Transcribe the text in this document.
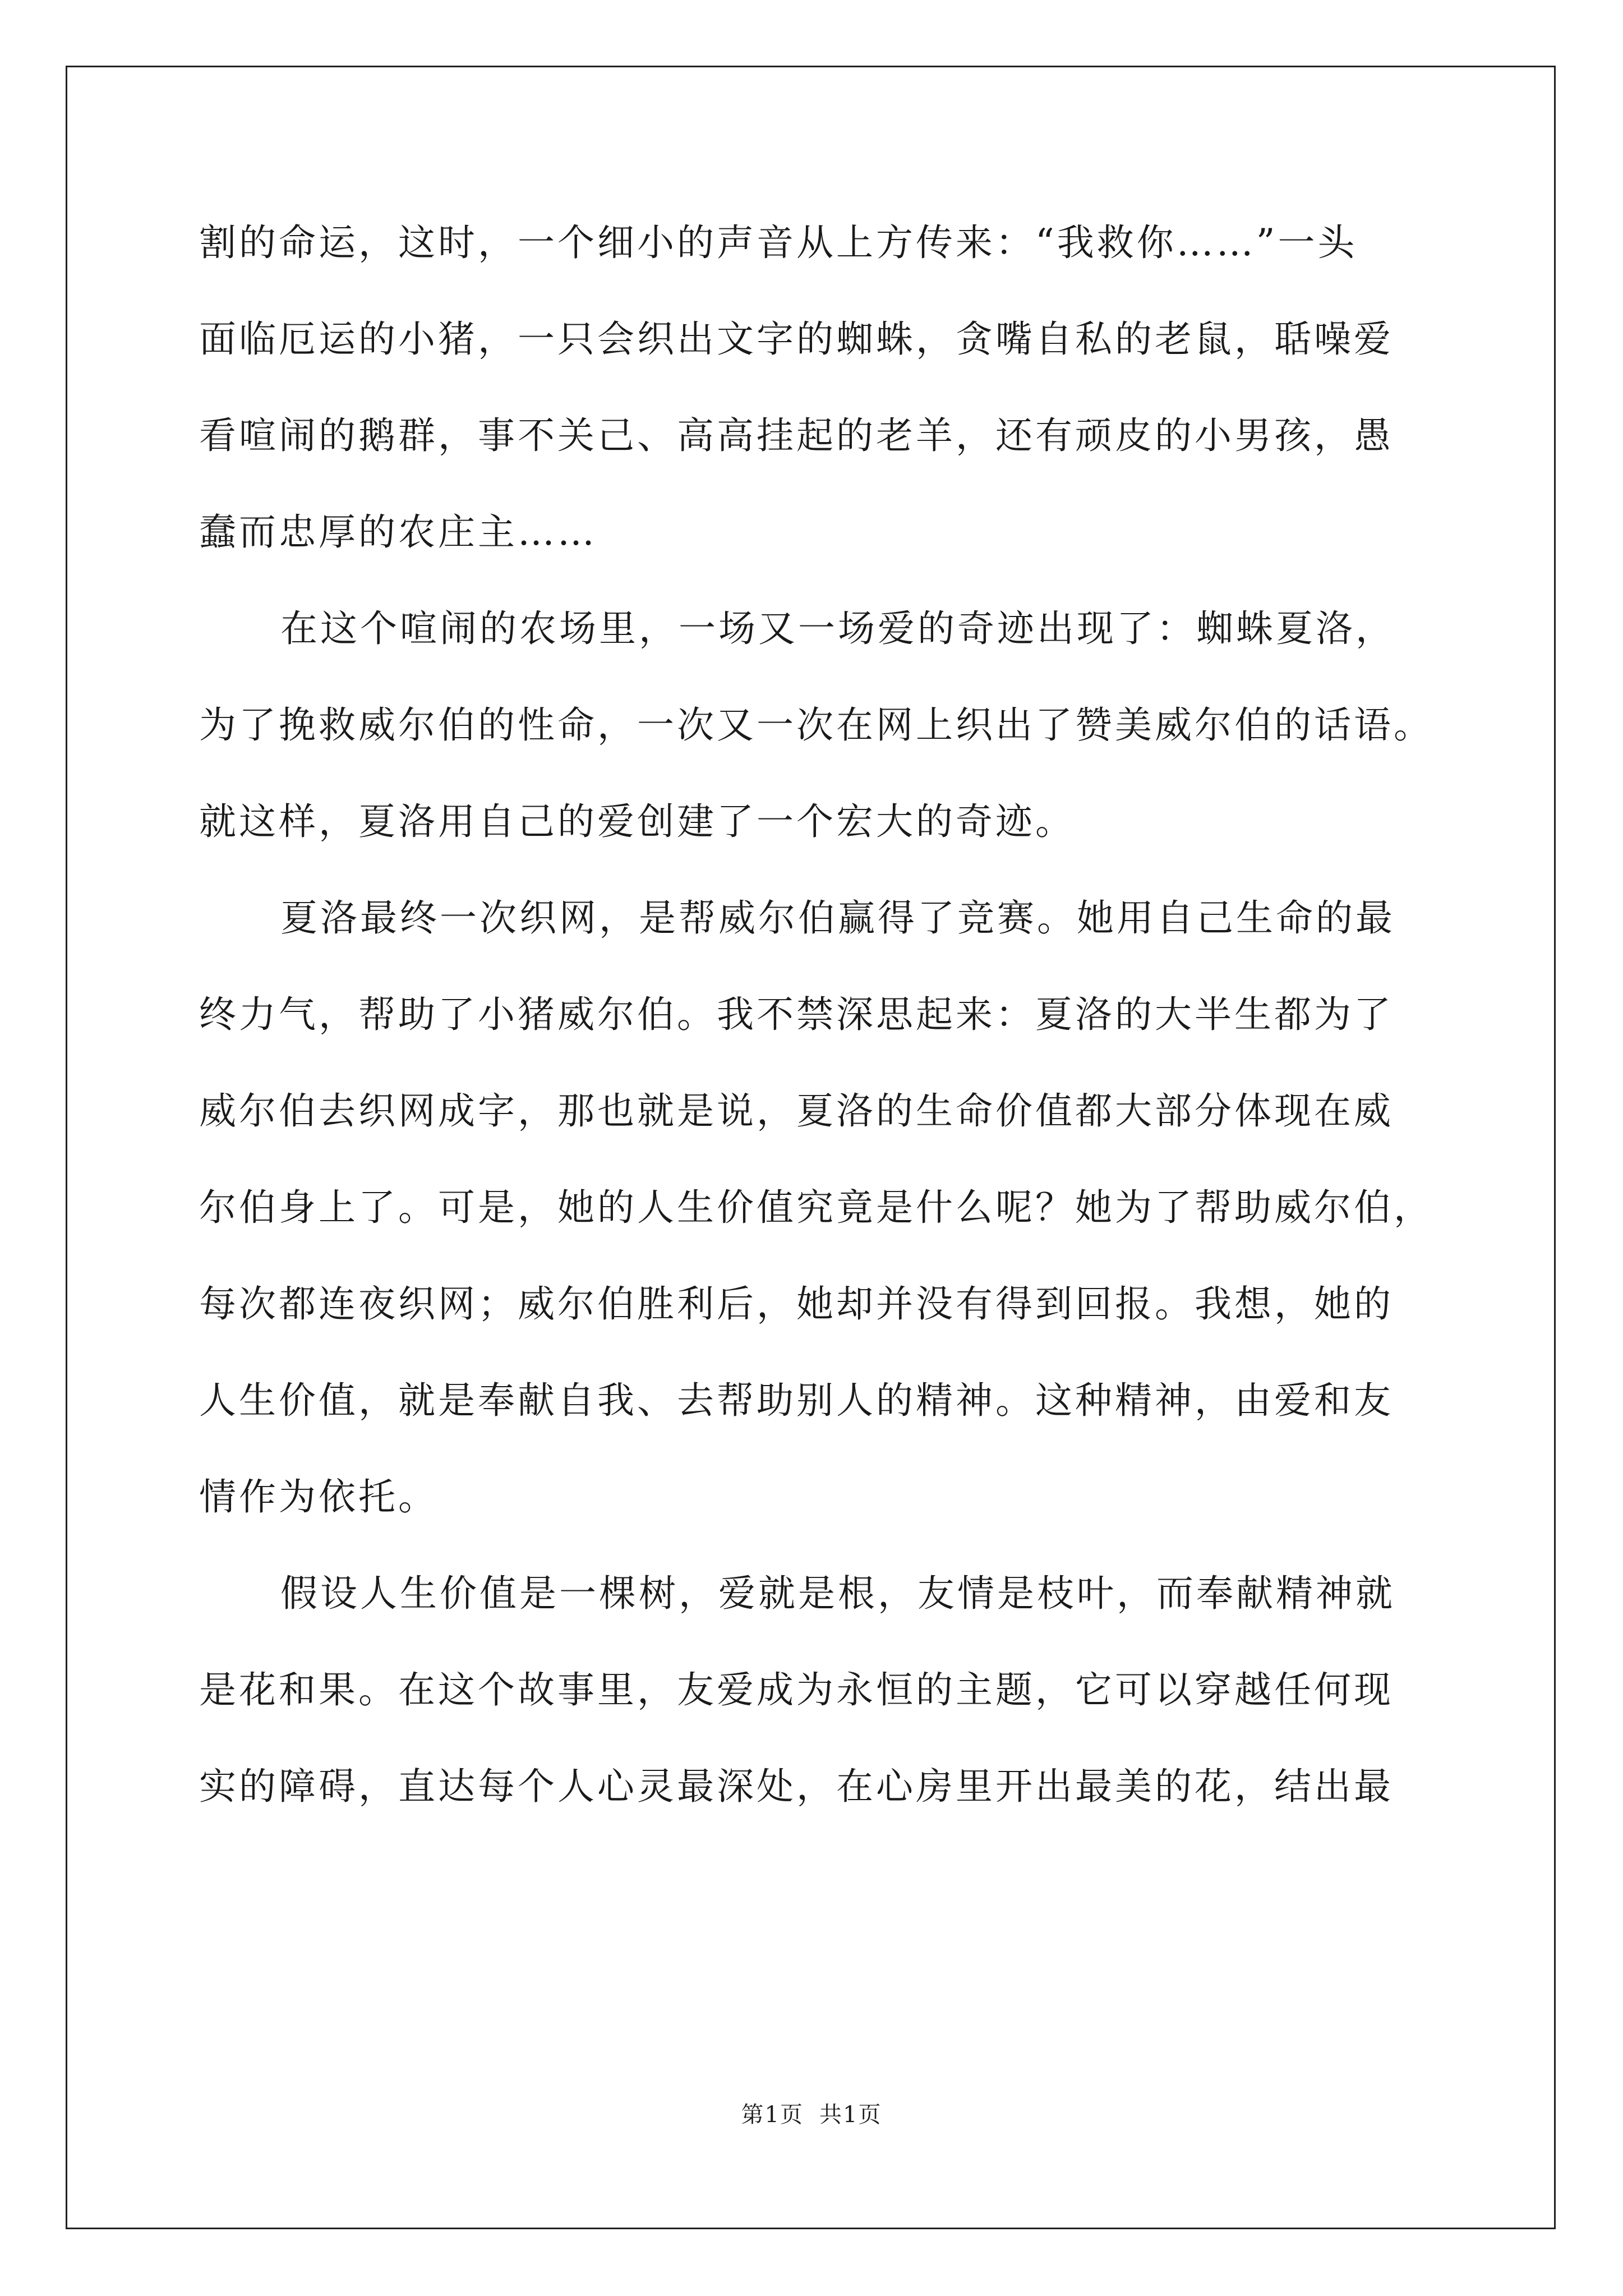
割的命运，这时，一个细小的声音从上方传来：“我救你……”一头
面临厄运的小猪，一只会织出文字的蜘蛛，贪嘴自私的老鼠，聒噪爱
看喧闹的鹅群，事不关己、高高挂起的老羊，还有顽皮的小男孩，愚
蠢而忠厚的农庄主……
在这个喧闹的农场里，一场又一场爱的奇迹出现了：蜘蛛夏洛，
为了挽救威尔伯的性命，一次又一次在网上织出了赞美威尔伯的话语。
就这样，夏洛用自己的爱创建了一个宏大的奇迹。
夏洛最终一次织网，是帮威尔伯赢得了竞赛。她用自己生命的最
终力气，帮助了小猪威尔伯。我不禁深思起来：夏洛的大半生都为了
威尔伯去织网成字，那也就是说，夏洛的生命价值都大部分体现在威
尔伯身上了。可是，她的人生价值究竟是什么呢？她为了帮助威尔伯，
每次都连夜织网；威尔伯胜利后，她却并没有得到回报。我想，她的
人生价值，就是奉献自我、去帮助别人的精神。这种精神，由爱和友
情作为依托。
假设人生价值是一棵树，爱就是根，友情是枝叶，而奉献精神就
是花和果。在这个故事里，友爱成为永恒的主题，它可以穿越任何现
实的障碍，直达每个人心灵最深处，在心房里开出最美的花，结出最
第1页 共1页
